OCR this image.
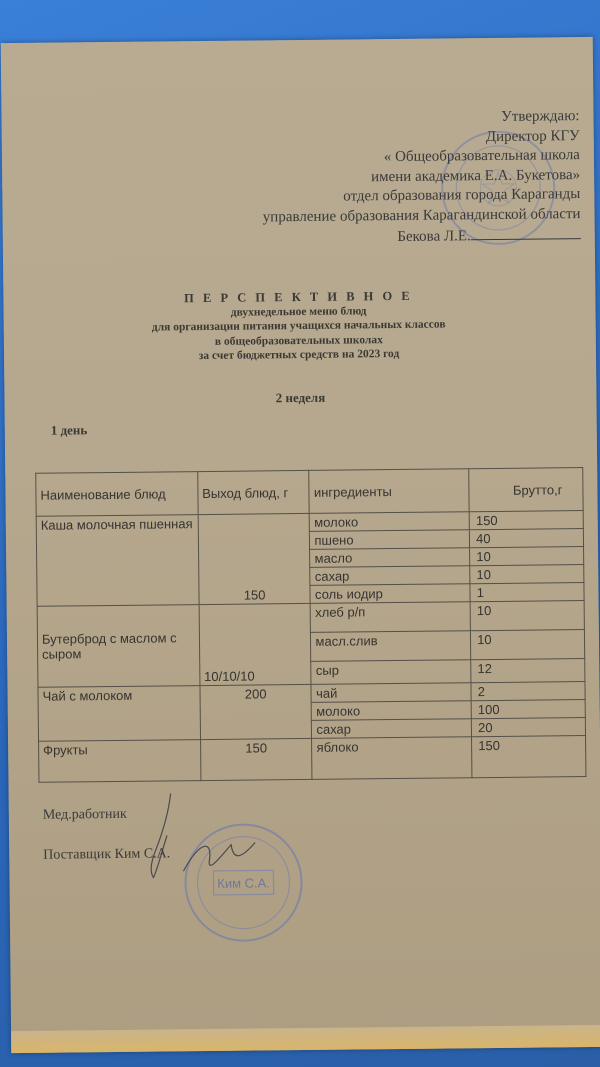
Утверждаю:
Директор КГУ
« Общеобразовательная школа
имени академика Е.А. Букетова»
отдел образования города Караганды
управление образования Карагандинской области
Бекова Л.Е.
П Е Р С П Е К Т И В Н О Е
двухнедельное меню блюд
для организации питания учащихся начальных классов
в общеобразовательных школах
за счет бюджетных средств на 2023 год
2 неделя
1 день
Наименование блюд	Выход блюд, г	ингредиенты	Брутто,г
Каша молочная пшенная	150	молоко	150
		пшено	40
		масло	10
		сахар	10
		соль иодир	1
Бутерброд с маслом с сыром	10/10/10	хлеб р/п	10
		масл.слив	10
		сыр	12
Чай с молоком	200	чай	2
		молоко	100
		сахар	20
Фрукты	150	яблоко	150
Мед.работник
Поставщик Ким С.А.
Ким С.А.
